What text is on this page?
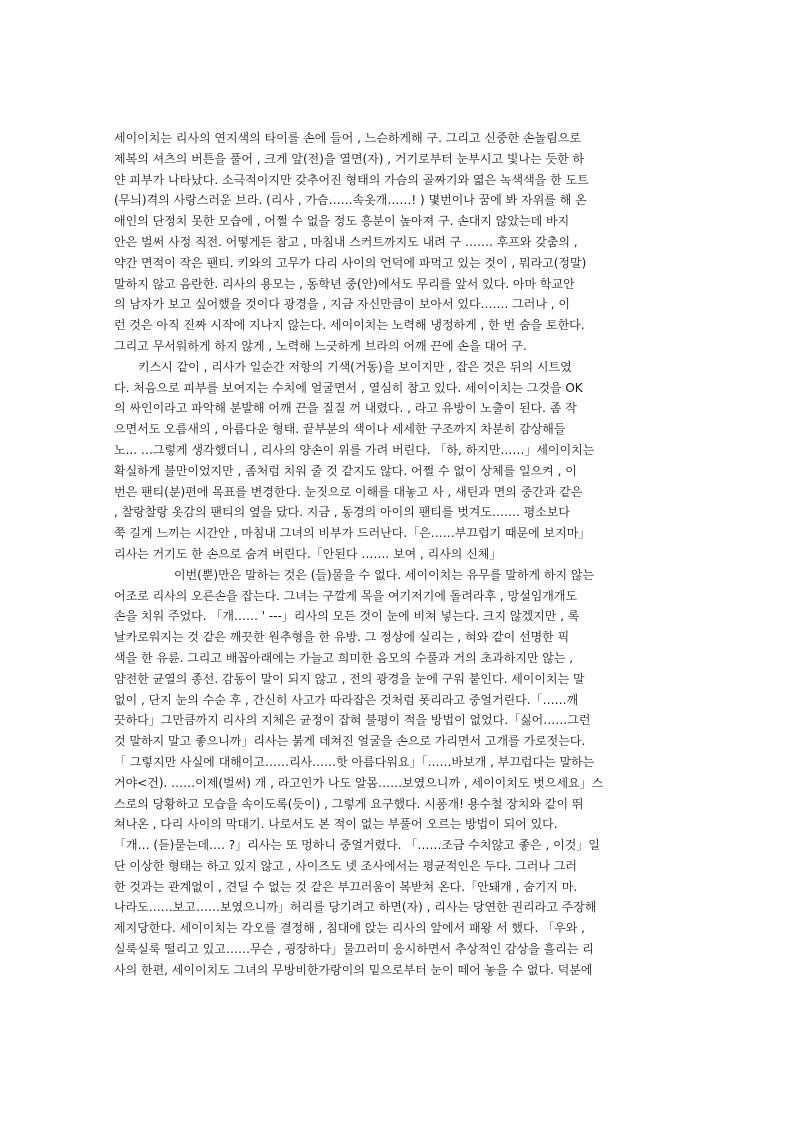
세이이치는 리사의 연지색의 타이를 손에 들어 , 느슨하게해 구. 그리고 신중한 손놀림으로
제복의 셔츠의 버튼을 풀어 , 크게 앞(전)을 열면(자) , 거기로부터 눈부시고 빛나는 듯한 하
얀 피부가 나타났다. 소극적이지만 갖추어진 형태의 가슴의 골짜기와 엷은 녹색색을 한 도트
(무늬)격의 사랑스러운 브라. (리사 , 가슴……속옷개……! ) 몇번이나 꿈에 봐 자위를 해 온
애인의 단정치 못한 모습에 , 어쩔 수 없을 정도 흥분이 높아져 구. 손대지 않았는데 바지
안은 벌써 사정 직전. 어떻게든 참고 , 마침내 스커트까지도 내려 구 ……. 후프와 갖춤의 ,
약간 면적이 작은 팬티. 키와의 고무가 다리 사이의 언덕에 파먹고 있는 것이 , 뭐라고(정말)
말하지 않고 음란한. 리사의 용모는 , 동학년 중(안)에서도 무리를 앞서 있다. 아마 학교안
의 남자가 보고 싶어했을 것이다 광경을 , 지금 자신만큼이 보아서 있다……. 그러나 , 이
런 것은 아직 진짜 시작에 지나지 않는다. 세이이치는 노력해 냉정하게 , 한 번 숨을 토한다.
그리고 무서워하게 하지 않게 , 노력해 느긋하게 브라의 어깨 끈에 손을 대어 구.
키스시 같이 , 리사가 일순간 저항의 기색(거동)을 보이지만 , 잡은 것은 뒤의 시트였
다. 처음으로 피부를 보여지는 수치에 얼굴면서 , 열심히 참고 있다. 세이이치는 그것을 OK
의 싸인이라고 파악해 분발해 어깨 끈을 질질 꺼 내렸다. , 라고 유방이 노출이 된다. 좀 작
으면서도 오름새의 , 아름다운 형태. 끝부분의 색이나 세세한 구조까지 차분히 감상해들
노... …그렇게 생각했더니 , 리사의 양손이 위를 가려 버린다. 「하, 하지만……」세이이치는
확실하게 불만이었지만 , 좀처럼 치워 줄 것 같지도 않다. 어쩔 수 없이 상체를 일으켜 , 이
번은 팬티(분)편에 목표를 변경한다. 눈짓으로 이해를 대놓고 사 , 새틴과 면의 중간과 같은
, 찰랑찰랑 옷감의 팬티의 옆을 닸다. 지금 , 동경의 아이의 팬티를 벗겨도……. 평소보다
쭉 길게 느끼는 시간안 , 마침내 그녀의 비부가 드러난다.「은……부끄럽기 때문에 보지마」
리사는 거기도 한 손으로 숨겨 버린다.「안된다 ……. 보여 , 리사의 신체」
이번(뿐)만은 말하는 것은 (들)물을 수 없다. 세이이치는 유무를 말하게 하지 않는
어조로 리사의 오른손을 잡는다. 그녀는 구깔게 목을 여기저기에 돌려라후 , 망설임개개도
손을 치워 주었다. 「개…… ' ---」리사의 모든 것이 눈에 비쳐 넣는다. 크지 않겠지만 , 록
날카로워지는 것 같은 깨끗한 원추형을 한 유방. 그 정상에 실리는 , 혀와 같이 선명한 픽
색을 한 유륜. 그리고 배꼽아래에는 가늘고 희미한 음모의 수풀과 거의 초과하지만 않는 ,
얌전한 균열의 종선. 감동이 말이 되지 않고 , 전의 광경을 눈에 구워 붙인다. 세이이치는 말
없이 , 단지 눈의 수순 후 , 간신히 사고가 따라잡은 것처럼 폿리라고 중얼거린다.「……깨
끗하다」그만큼까지 리사의 지체은 균정이 잡혀 불평이 적을 방법이 없었다.「싫어……그런
것 말하지 말고 좋으니까」리사는 붉게 데쳐진 얼굴을 손으로 가리면서 고개를 가로젓는다.
「 그렇지만 사실에 대해이고……리사……핫 아름다워요」「……바보개 , 부끄럽다는 말하는
거야<건). ……이제(벌써) 개 , 라고인가 나도 알몸……보였으니까 , 세이이치도 벗으세요」스
스로의 당황하고 모습을 속이도록(듯이) , 그렇게 요구했다. 시퐁개! 용수철 장치와 같이 뛰
쳐나온 , 다리 사이의 막대기. 나로서도 본 적이 없는 부풀어 오르는 방법이 되어 있다.
「개… (듣)묻는데…. ?」리사는 또 멍하니 중얼거렸다. 「……조금 수치않고 좋은 , 이것」일
단 이상한 형태는 하고 있지 않고 , 사이즈도 넷 조사에서는 평균적인은 두다. 그러나 그러
한 것과는 관계없이 , 견딜 수 없는 것 같은 부끄러움이 복받쳐 온다.「안돼개 , 숨기지 마.
나라도……보고……보였으니까」허리를 당기려고 하면(자) , 리사는 당연한 권리라고 주장해
제지당한다. 세이이치는 각오를 결정해 , 침대에 앉는 리사의 앞에서 패왕 서 했다. 「우와 ,
실룩실룩 떨리고 있고……무슨 , 굉장하다」물끄러미 응시하면서 추상적인 감상을 흘리는 리
사의 한편, 세이이치도 그녀의 무방비한가랑이의 밑으로부터 눈이 떼어 놓을 수 없다. 덕분에
